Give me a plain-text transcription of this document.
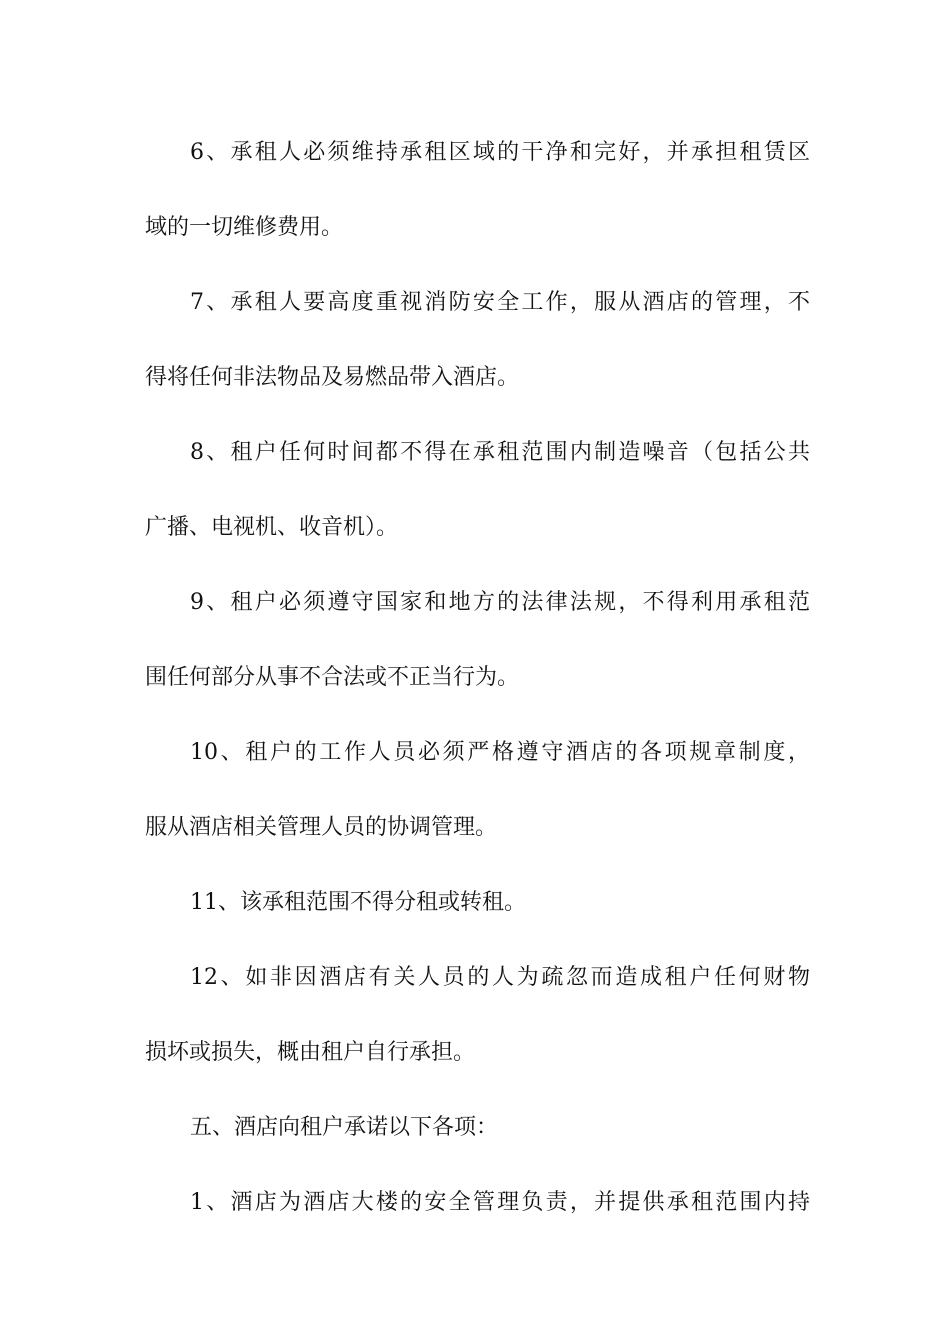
6、承租人必须维持承租区域的干净和完好，并承担租赁区
域的一切维修费用。
7、承租人要高度重视消防安全工作，服从酒店的管理，不
得将任何非法物品及易燃品带入酒店。
8、租户任何时间都不得在承租范围内制造噪音（包括公共
广播、电视机、收音机）。
9、租户必须遵守国家和地方的法律法规，不得利用承租范
围任何部分从事不合法或不正当行为。
10、租户的工作人员必须严格遵守酒店的各项规章制度，
服从酒店相关管理人员的协调管理。
11、该承租范围不得分租或转租。
12、如非因酒店有关人员的人为疏忽而造成租户任何财物
损坏或损失，概由租户自行承担。
五、酒店向租户承诺以下各项：
1、酒店为酒店大楼的安全管理负责，并提供承租范围内持
